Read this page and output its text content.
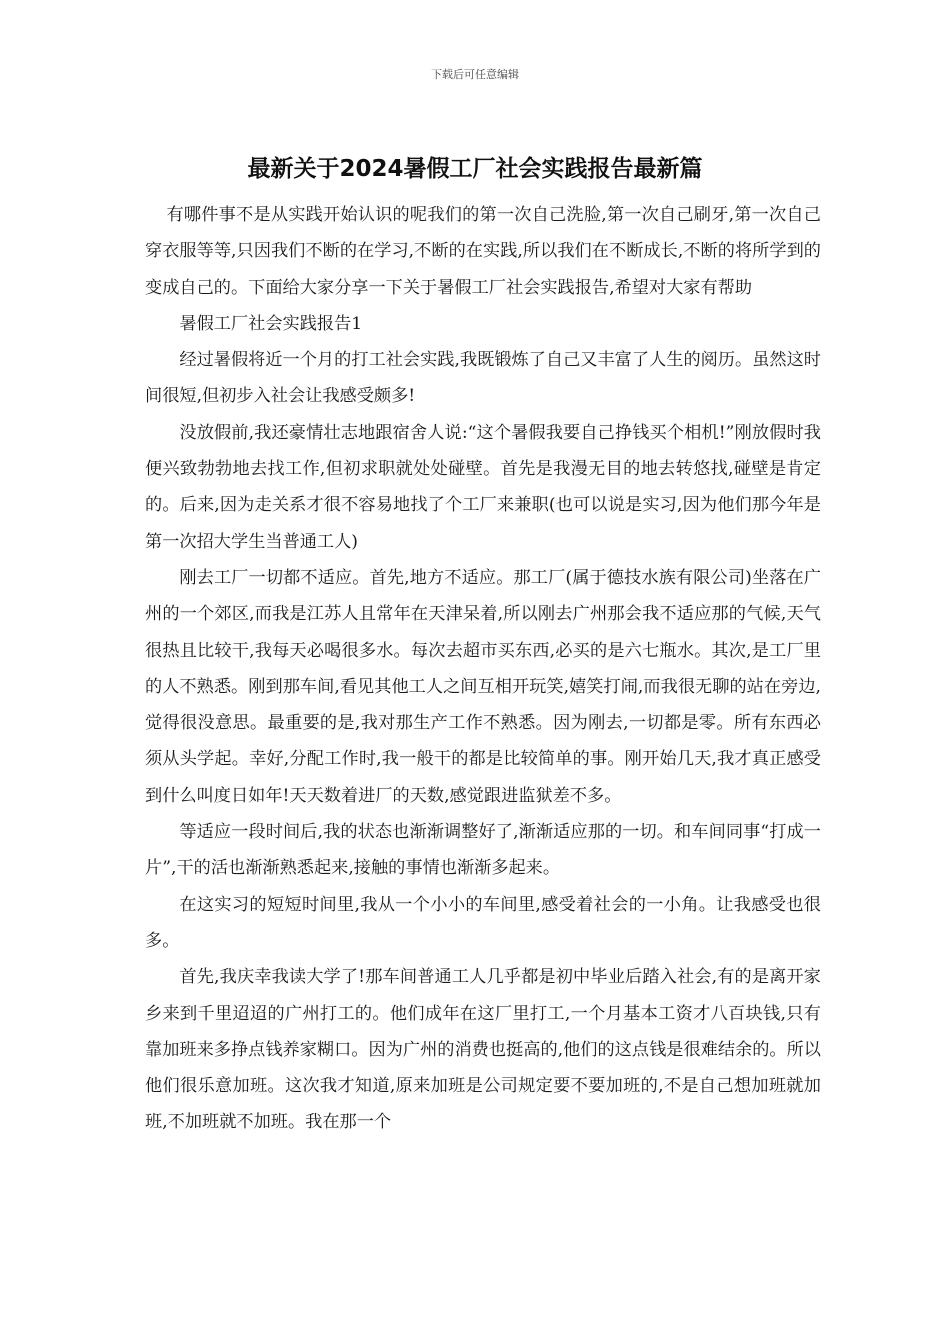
下载后可任意编辑
最新关于2024暑假工厂社会实践报告最新篇

有哪件事不是从实践开始认识的呢我们的第一次自己洗脸,第一次自己刷牙,第一次自己穿衣服等等,只因我们不断的在学习,不断的在实践,所以我们在不断成长,不断的将所学到的变成自己的。下面给大家分享一下关于暑假工厂社会实践报告,希望对大家有帮助

暑假工厂社会实践报告1

经过暑假将近一个月的打工社会实践,我既锻炼了自己又丰富了人生的阅历。虽然这时间很短,但初步入社会让我感受颇多!

没放假前,我还豪情壮志地跟宿舍人说:“这个暑假我要自己挣钱买个相机!”刚放假时我便兴致勃勃地去找工作,但初求职就处处碰壁。首先是我漫无目的地去转悠找,碰壁是肯定的。后来,因为走关系才很不容易地找了个工厂来兼职(也可以说是实习,因为他们那今年是第一次招大学生当普通工人)

刚去工厂一切都不适应。首先,地方不适应。那工厂(属于德技水族有限公司)坐落在广州的一个郊区,而我是江苏人且常年在天津呆着,所以刚去广州那会我不适应那的气候,天气很热且比较干,我每天必喝很多水。每次去超市买东西,必买的是六七瓶水。其次,是工厂里的人不熟悉。刚到那车间,看见其他工人之间互相开玩笑,嬉笑打闹,而我很无聊的站在旁边,觉得很没意思。最重要的是,我对那生产工作不熟悉。因为刚去,一切都是零。所有东西必须从头学起。幸好,分配工作时,我一般干的都是比较简单的事。刚开始几天,我才真正感受到什么叫度日如年!天天数着进厂的天数,感觉跟进监狱差不多。

等适应一段时间后,我的状态也渐渐调整好了,渐渐适应那的一切。和车间同事“打成一片”,干的活也渐渐熟悉起来,接触的事情也渐渐多起来。

在这实习的短短时间里,我从一个小小的车间里,感受着社会的一小角。让我感受也很多。

首先,我庆幸我读大学了!那车间普通工人几乎都是初中毕业后踏入社会,有的是离开家乡来到千里迢迢的广州打工的。他们成年在这厂里打工,一个月基本工资才八百块钱,只有靠加班来多挣点钱养家糊口。因为广州的消费也挺高的,他们的这点钱是很难结余的。所以他们很乐意加班。这次我才知道,原来加班是公司规定要不要加班的,不是自己想加班就加班,不加班就不加班。我在那一个
